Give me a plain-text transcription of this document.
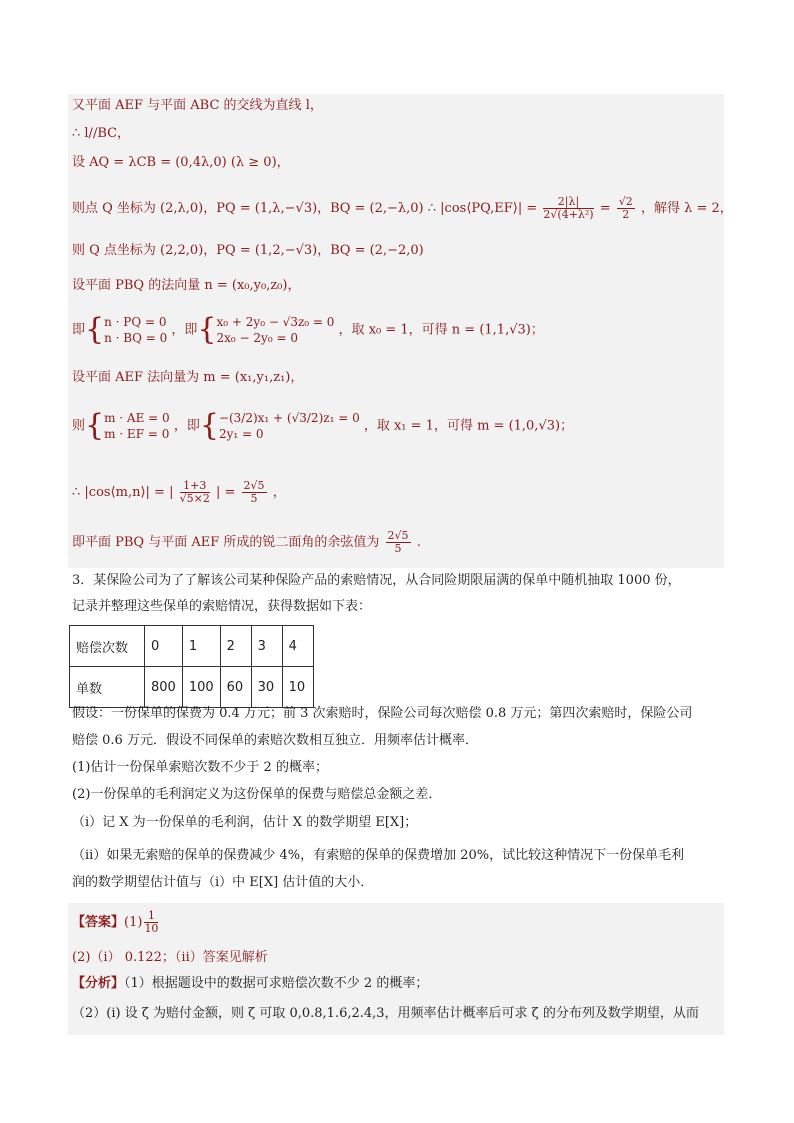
又平面 AEF 与平面 ABC 的交线为直线 l，
∴ l//BC，
设 AQ = λCB = (0,4λ,0) (λ ≥ 0)，
则点 Q 坐标为 (2,λ,0)，PQ = (1,λ,−√3)，BQ = (2,−λ,0) ∴ |cos⟨PQ,EF⟩| = $\frac{2|\lambda|}{\text{2√(4+λ²)}} = \frac{√2}{2}$ ，解得 λ = 2，
则 Q 点坐标为 (2,2,0)，PQ = (1,2,−√3)，BQ = (2,−2,0)
设平面 PBQ 的法向量 n = (x₀,y₀,z₀)，
即{ n · PQ = 0
n · BQ = 0
，即{ x₀ + 2y₀ − √3z₀ = 0
2x₀ − 2y₀ = 0
，取 x₀ = 1，可得 n = (1,1,√3)；
设平面 AEF 法向量为 m = (x₁,y₁,z₁)，
则{ m · AE = 0
m · EF = 0
，即{ −(3/2)x₁ + (√3/2)z₁ = 0
2y₁ = 0
，取 x₁ = 1，可得 m = (1,0,√3)；
∴ |cos⟨m,n⟩| = | $\frac{1+3}{√5\times 2}$ | = $\frac{2√5}{5}$ ，
即平面 PBQ 与平面 AEF 所成的锐二面角的余弦值为 $\frac{2√5}{5}$ .
3．某保险公司为了了解该公司某种保险产品的索赔情况，从合同险期限届满的保单中随机抽取 1000 份，
记录并整理这些保单的索赔情况，获得数据如下表：
赔偿次数	0	1	2	3	4
单数	800	100	60	30	10
假设：一份保单的保费为 0.4 万元；前 3 次索赔时，保险公司每次赔偿 0.8 万元；第四次索赔时，保险公司
赔偿 0.6 万元．假设不同保单的索赔次数相互独立．用频率估计概率．
(1)估计一份保单索赔次数不少于 2 的概率；
(2)一份保单的毛利润定义为这份保单的保费与赔偿总金额之差．
（i）记 X 为一份保单的毛利润，估计 X 的数学期望 E[X]；
（ii）如果无索赔的保单的保费减少 4%，有索赔的保单的保费增加 20%，试比较这种情况下一份保单毛利
润的数学期望估计值与（i）中 E[X] 估计值的大小．
【答案】$(1) \frac{1}{10}$
(2)（i） 0.122；（ii）答案见解析
【分析】（1）根据题设中的数据可求赔偿次数不少 2 的概率；
（2）(i) 设 ζ 为赔付金额，则 ζ 可取 0,0.8,1.6,2.4,3，用频率估计概率后可求 ζ 的分布列及数学期望，从而
